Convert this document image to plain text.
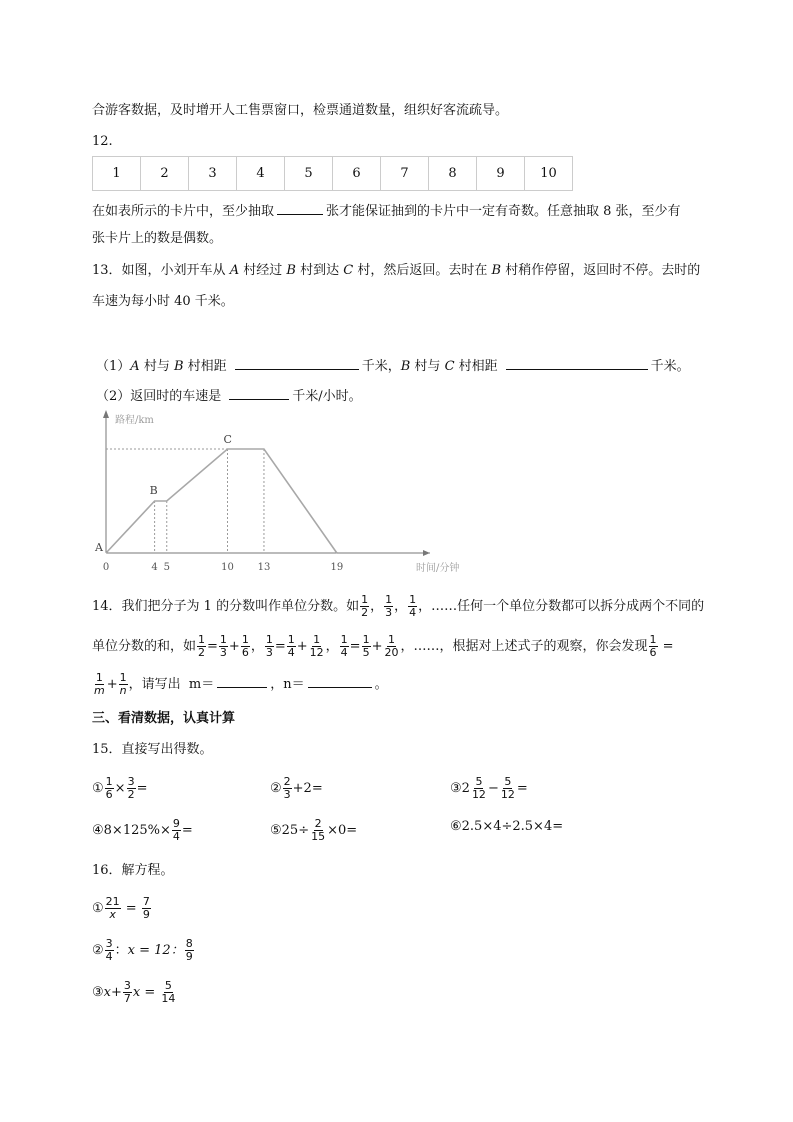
合游客数据，及时增开人工售票窗口，检票通道数量，组织好客流疏导。
12.
1	2	3	4	5	6	7	8	9	10
在如表所示的卡片中，至少抽取	张才能保证抽到的卡片中一定有奇数。任意抽取 8 张，至少有
张卡片上的数是偶数。
13．如图，小刘开车从 A 村经过 B 村到达 C 村，然后返回。去时在 B 村稍作停留，返回时不停。去时的
车速为每小时 40 千米。
（1）A 村与 B 村相距	千米，B 村与 C 村相距	千米。
（2）返回时的车速是	千米/小时。
路程/km
时间/分钟
0	4 5	10 13	19
A
B
C
14．我们把分子为 1 的分数叫作单位分数。如 $\frac{1}{2}$ ， $\frac{1}{3}$ ， $\frac{1}{4}$ ，……任何一个单位分数都可以拆分成两个不同的
单位分数的和，如 $\frac{1}{2} = \frac{1}{3} + \frac{1}{6}$ ， $\frac{1}{3} = \frac{1}{4} + \frac{1}{12}$ ， $\frac{1}{4} = \frac{1}{5} + \frac{1}{20}$ ，……，根据对上述式子的观察，你会发现 $\frac{1}{6}$ =
$\frac{1}{m} + \frac{1}{n}$ ，请写出 m＝	，n＝	。
三、看清数据，认真计算
15．直接写出得数。
① $\frac{1}{6} \times \frac{3}{2}$ =	② $\frac{2}{3} +2=$	③2 $\frac{5}{12} - \frac{5}{12}$ =
④8×125%× $\frac{9}{4}$ =	⑤25÷ $\frac{2}{15} \times 0=$	⑥2.5×4÷2.5×4=
16．解方程。
① $\frac{21}{x} = \frac{7}{9}$
② $\frac{3}{4}$ ：x = 12： $\frac{8}{9}$
③x+ $\frac{3}{7}$ $x = \frac{5}{14}$
